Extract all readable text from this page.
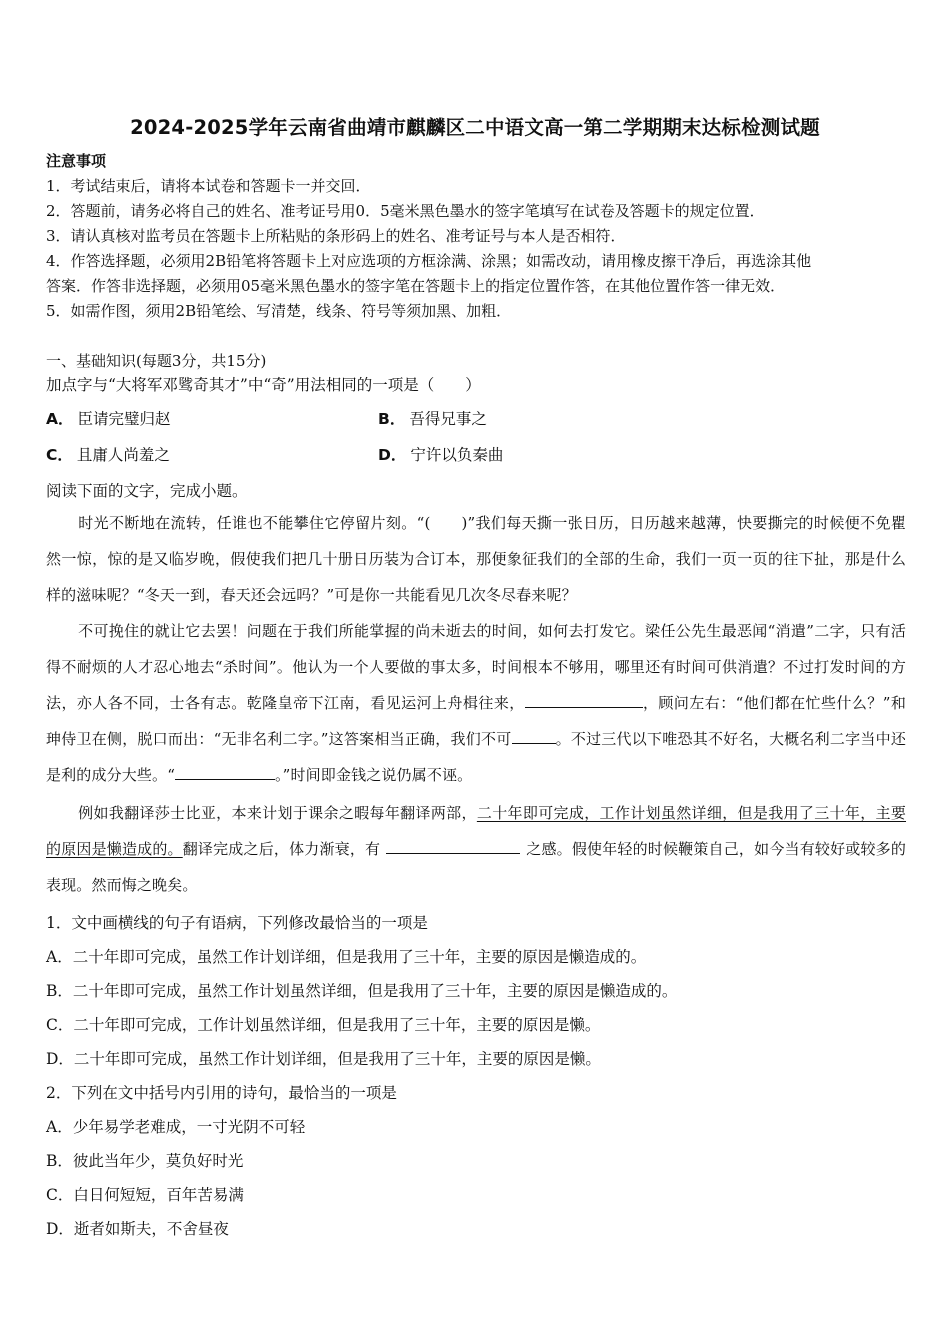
2024-2025学年云南省曲靖市麒麟区二中语文高一第二学期期末达标检测试题
注意事项
1．考试结束后，请将本试卷和答题卡一并交回．
2．答题前，请务必将自己的姓名、准考证号用0．5毫米黑色墨水的签字笔填写在试卷及答题卡的规定位置．
3．请认真核对监考员在答题卡上所粘贴的条形码上的姓名、准考证号与本人是否相符．
4．作答选择题，必须用2B铅笔将答题卡上对应选项的方框涂满、涂黑；如需改动，请用橡皮擦干净后，再选涂其他
答案．作答非选择题，必须用05毫米黑色墨水的签字笔在答题卡上的指定位置作答，在其他位置作答一律无效．
5．如需作图，须用2B铅笔绘、写清楚，线条、符号等须加黑、加粗．
一、基础知识(每题3分，共15分)
加点字与“大将军邓骘奇其才”中“奇”用法相同的一项是（　　）
A． 臣请完璧归赵	B． 吾得兄事之
C． 且庸人尚羞之	D． 宁许以负秦曲
阅读下面的文字，完成小题。
时光不断地在流转，任谁也不能攀住它停留片刻。“(　　)”我们每天撕一张日历，日历越来越薄，快要撕完的时候便不免瞿然一惊，惊的是又临岁晚，假使我们把几十册日历装为合订本，那便象征我们的全部的生命，我们一页一页的往下扯，那是什么样的滋味呢？“冬天一到，春天还会远吗？”可是你一共能看见几次冬尽春来呢？
不可挽住的就让它去罢！问题在于我们所能掌握的尚未逝去的时间，如何去打发它。梁任公先生最恶闻“消遣”二字，只有活得不耐烦的人才忍心地去“杀时间”。他认为一个人要做的事太多，时间根本不够用，哪里还有时间可供消遣？不过打发时间的方法，亦人各不同，士各有志。乾隆皇帝下江南，看见运河上舟楫往来，	，顾问左右：“他们都在忙些什么？”和珅侍卫在侧，脱口而出：“无非名利二字。”这答案相当正确，我们不可	。不过三代以下唯恐其不好名，大概名利二字当中还是利的成分大些。“	。”时间即金钱之说仍属不诬。
例如我翻译莎士比亚，本来计划于课余之暇每年翻译两部，二十年即可完成，工作计划虽然详细，但是我用了三十年，主要的原因是懒造成的。翻译完成之后，体力渐衰，有	之感。假使年轻的时候鞭策自己，如今当有较好或较多的表现。然而悔之晚矣。
1．文中画横线的句子有语病，下列修改最恰当的一项是
A．二十年即可完成，虽然工作计划详细，但是我用了三十年，主要的原因是懒造成的。
B．二十年即可完成，虽然工作计划虽然详细，但是我用了三十年，主要的原因是懒造成的。
C．二十年即可完成，工作计划虽然详细，但是我用了三十年，主要的原因是懒。
D．二十年即可完成，虽然工作计划详细，但是我用了三十年，主要的原因是懒。
2．下列在文中括号内引用的诗句，最恰当的一项是
A．少年易学老难成，一寸光阴不可轻
B．彼此当年少，莫负好时光
C．白日何短短，百年苦易满
D．逝者如斯夫，不舍昼夜
